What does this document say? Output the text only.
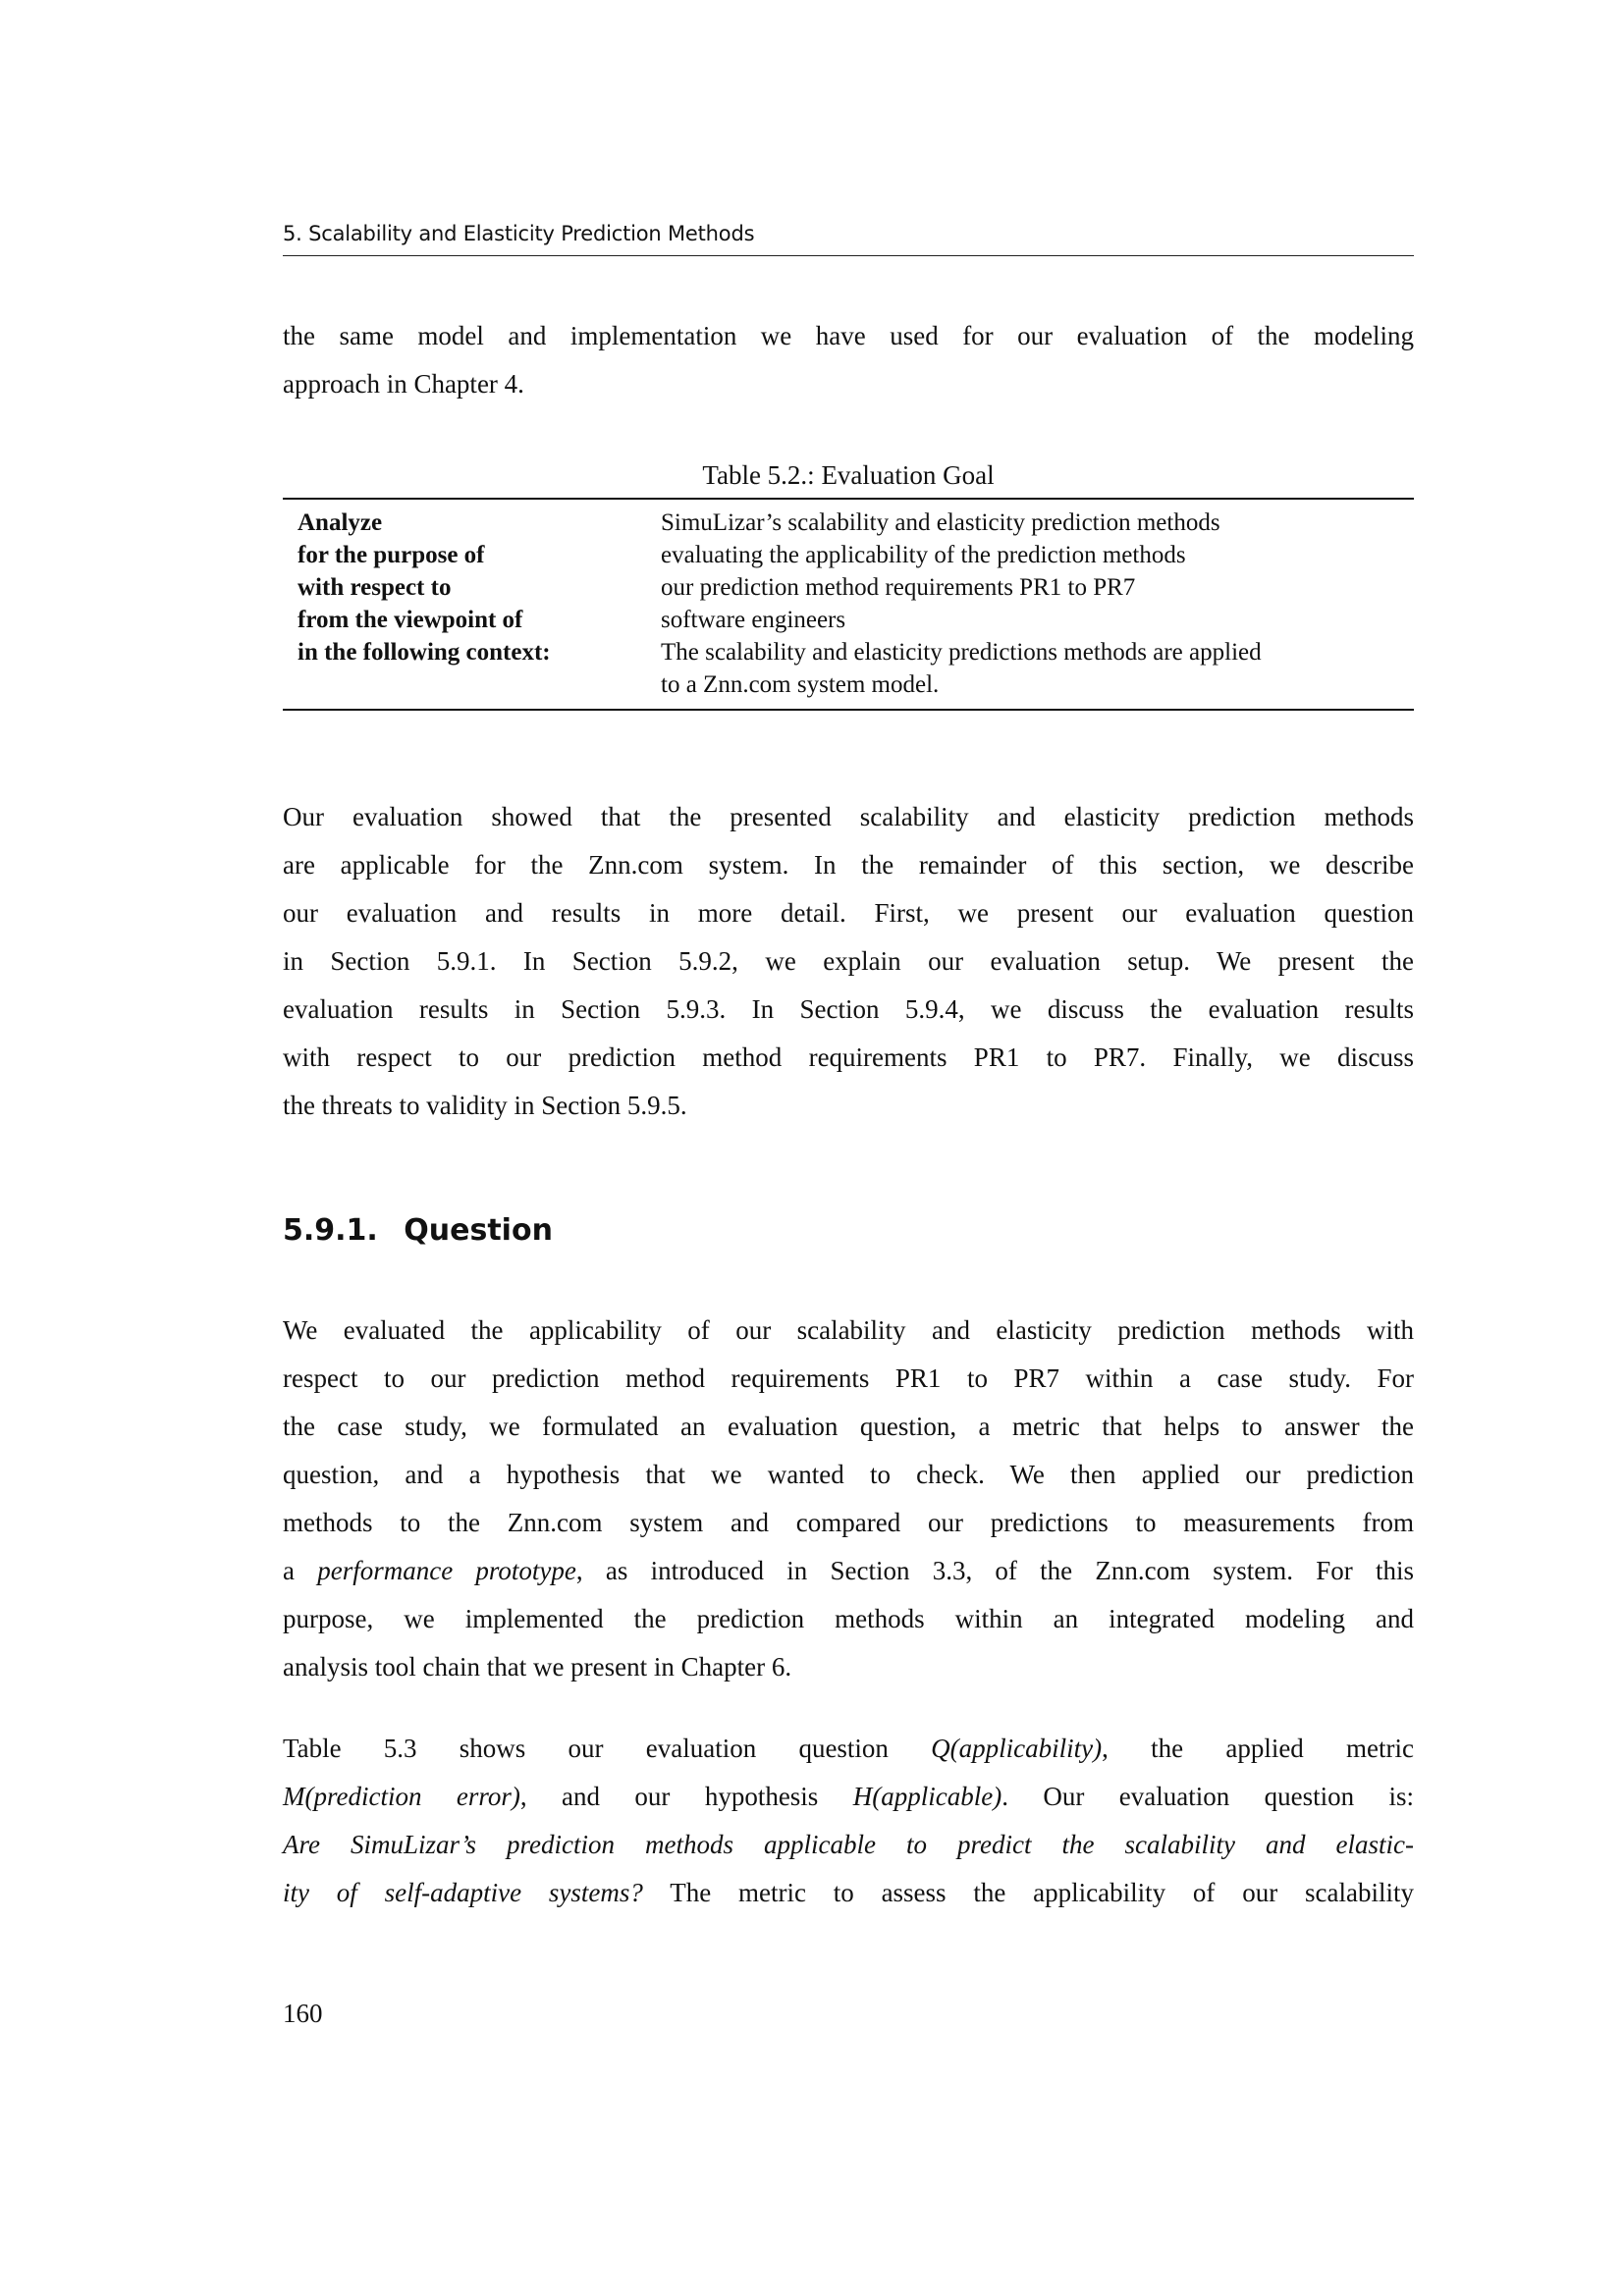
5. Scalability and Elasticity Prediction Methods
the same model and implementation we have used for our evaluation of the modeling
approach in Chapter 4.
Table 5.2.: Evaluation Goal
Analyze	SimuLizar’s scalability and elasticity prediction methods
for the purpose of	evaluating the applicability of the prediction methods
with respect to	our prediction method requirements PR1 to PR7
from the viewpoint of	software engineers
in the following context:	The scalability and elasticity predictions methods are applied
to a Znn.com system model.
Our evaluation showed that the presented scalability and elasticity prediction methods
are applicable for the Znn.com system. In the remainder of this section, we describe
our evaluation and results in more detail. First, we present our evaluation question
in Section 5.9.1. In Section 5.9.2, we explain our evaluation setup. We present the
evaluation results in Section 5.9.3. In Section 5.9.4, we discuss the evaluation results
with respect to our prediction method requirements PR1 to PR7. Finally, we discuss
the threats to validity in Section 5.9.5.
5.9.1. Question
We evaluated the applicability of our scalability and elasticity prediction methods with
respect to our prediction method requirements PR1 to PR7 within a case study. For
the case study, we formulated an evaluation question, a metric that helps to answer the
question, and a hypothesis that we wanted to check. We then applied our prediction
methods to the Znn.com system and compared our predictions to measurements from
a performance prototype, as introduced in Section 3.3, of the Znn.com system. For this
purpose, we implemented the prediction methods within an integrated modeling and
analysis tool chain that we present in Chapter 6.
Table 5.3 shows our evaluation question Q(applicability), the applied metric
M(prediction error), and our hypothesis H(applicable). Our evaluation question is:
Are SimuLizar’s prediction methods applicable to predict the scalability and elastic-
ity of self-adaptive systems? The metric to assess the applicability of our scalability
160
